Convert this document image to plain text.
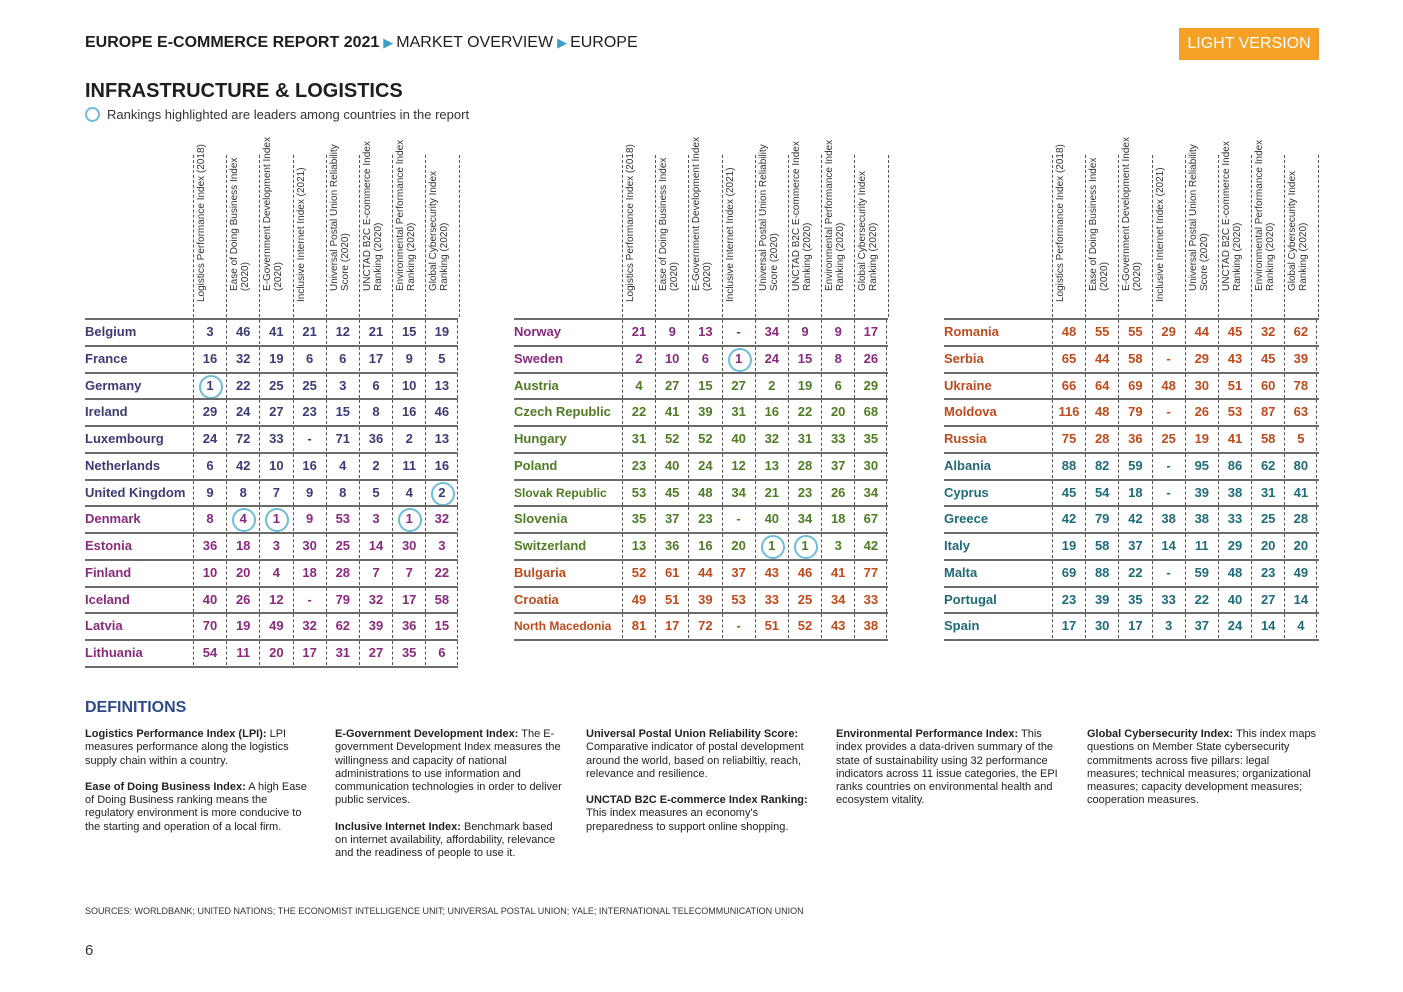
EUROPE E-COMMERCE REPORT 2021 ▶ MARKET OVERVIEW ▶ EUROPE	LIGHT VERSION
INFRASTRUCTURE & LOGISTICS
Rankings highlighted are leaders among countries in the report
Logistics Performance Index (2018) Ease of Doing Business Index (2020) E-Government Development Index (2020) Inclusive Internet Index (2021) Universal Postal Union Reliability Score (2020) UNCTAD B2C E-commerce Index Ranking (2020) Environmental Performance Index Ranking (2020) Global Cybersecurity Index Ranking (2020)
Belgium	3	46	41	21	12	21	15	19
France	16	32	19	6	6	17	9	5
Germany	1	22	25	25	3	6	10	13
Ireland	29	24	27	23	15	8	16	46
Luxembourg	24	72	33	-	71	36	2	13
Netherlands	6	42	10	16	4	2	11	16
United Kingdom	9	8	7	9	8	5	4	2
Denmark	8	4	1	9	53	3	1	32
Estonia	36	18	3	30	25	14	30	3
Finland	10	20	4	18	28	7	7	22
Iceland	40	26	12	-	79	32	17	58
Latvia	70	19	49	32	62	39	36	15
Lithuania	54	11	20	17	31	27	35	6
Logistics Performance Index (2018) Ease of Doing Business Index (2020) E-Government Development Index (2020) Inclusive Internet Index (2021) Universal Postal Union Reliability Score (2020) UNCTAD B2C E-commerce Index Ranking (2020) Environmental Performance Index Ranking (2020) Global Cybersecurity Index Ranking (2020)
Norway	21	9	13	-	34	9	9	17
Sweden	2	10	6	1	24	15	8	26
Austria	4	27	15	27	2	19	6	29
Czech Republic	22	41	39	31	16	22	20	68
Hungary	31	52	52	40	32	31	33	35
Poland	23	40	24	12	13	28	37	30
Slovak Republic	53	45	48	34	21	23	26	34
Slovenia	35	37	23	-	40	34	18	67
Switzerland	13	36	16	20	1	1	3	42
Bulgaria	52	61	44	37	43	46	41	77
Croatia	49	51	39	53	33	25	34	33
North Macedonia	81	17	72	-	51	52	43	38
Logistics Performance Index (2018) Ease of Doing Business Index (2020) E-Government Development Index (2020) Inclusive Internet Index (2021) Universal Postal Union Reliability Score (2020) UNCTAD B2C E-commerce Index Ranking (2020) Environmental Performance Index Ranking (2020) Global Cybersecurity Index Ranking (2020)
Romania	48	55	55	29	44	45	32	62
Serbia	65	44	58	-	29	43	45	39
Ukraine	66	64	69	48	30	51	60	78
Moldova	116	48	79	-	26	53	87	63
Russia	75	28	36	25	19	41	58	5
Albania	88	82	59	-	95	86	62	80
Cyprus	45	54	18	-	39	38	31	41
Greece	42	79	42	38	38	33	25	28
Italy	19	58	37	14	11	29	20	20
Malta	69	88	22	-	59	48	23	49
Portugal	23	39	35	33	22	40	27	14
Spain	17	30	17	3	37	24	14	4
DEFINITIONS

Logistics Performance Index (LPI): LPI measures performance along the logistics supply chain within a country.

Ease of Doing Business Index: A high Ease of Doing Business ranking means the regulatory environment is more conducive to the starting and operation of a local firm.

E-Government Development Index: The E-government Development Index measures the willingness and capacity of national administrations to use information and communication technologies in order to deliver public services.

Inclusive Internet Index: Benchmark based on internet availability, affordability, relevance and the readiness of people to use it.

Universal Postal Union Reliability Score: Comparative indicator of postal development around the world, based on reliabiltiy, reach, relevance and resilience.

UNCTAD B2C E-commerce Index Ranking: This index measures an economy's preparedness to support online shopping.

Environmental Performance Index: This index provides a data-driven summary of the state of sustainability using 32 performance indicators across 11 issue categories, the EPI ranks countries on environmental health and ecosystem vitality.

Global Cybersecurity Index: This index maps questions on Member State cybersecurity commitments across five pillars: legal measures; technical measures; organizational measures; capacity development measures; cooperation measures.

SOURCES: WORLDBANK; UNITED NATIONS; THE ECONOMIST INTELLIGENCE UNIT; UNIVERSAL POSTAL UNION; YALE; INTERNATIONAL TELECOMMUNICATION UNION
6
